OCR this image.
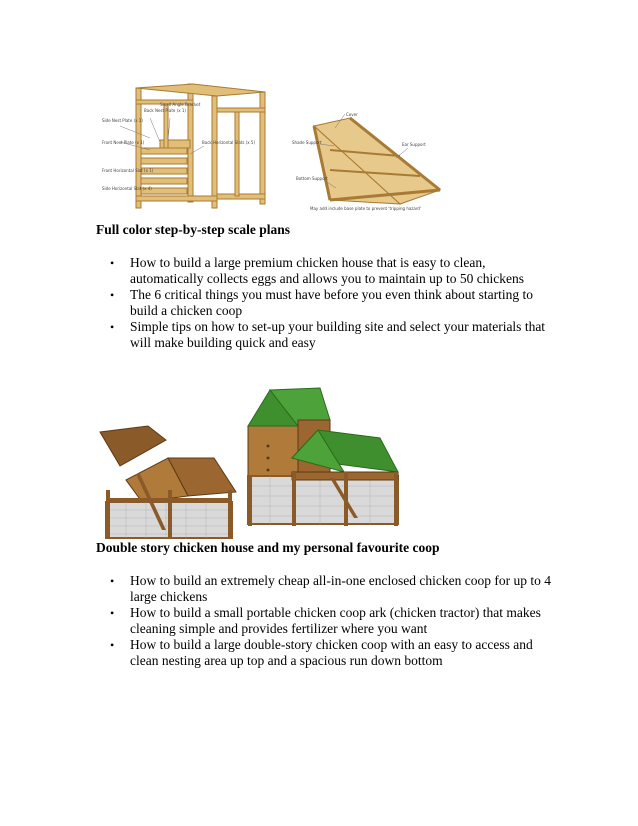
Side Nest Plate (x 1)
Front Nest Plate (x 1)
Front Horizontal Slat (x 1)
Side Horizontal Slat (x 4)
Back Nest Plate (x 1)
Small Angle Bracket
Back Horizontal Slats (x 5)
Cover
Shade Support	Ear Support
Bottom Support
May add include base plate to prevent 'tripping hazard'
Full color step-by-step scale plans
• How to build a large premium chicken house that is easy to clean, automatically collects eggs and allows you to maintain up to 50 chickens
• The 6 critical things you must have before you even think about starting to build a chicken coop
• Simple tips on how to set-up your building site and select your materials that will make building quick and easy
Double story chicken house and my personal favourite coop
• How to build an extremely cheap all-in-one enclosed chicken coop for up to 4 large chickens
• How to build a small portable chicken coop ark (chicken tractor) that makes cleaning simple and provides fertilizer where you want
• How to build a large double-story chicken coop with an easy to access and clean nesting area up top and a spacious run down bottom
